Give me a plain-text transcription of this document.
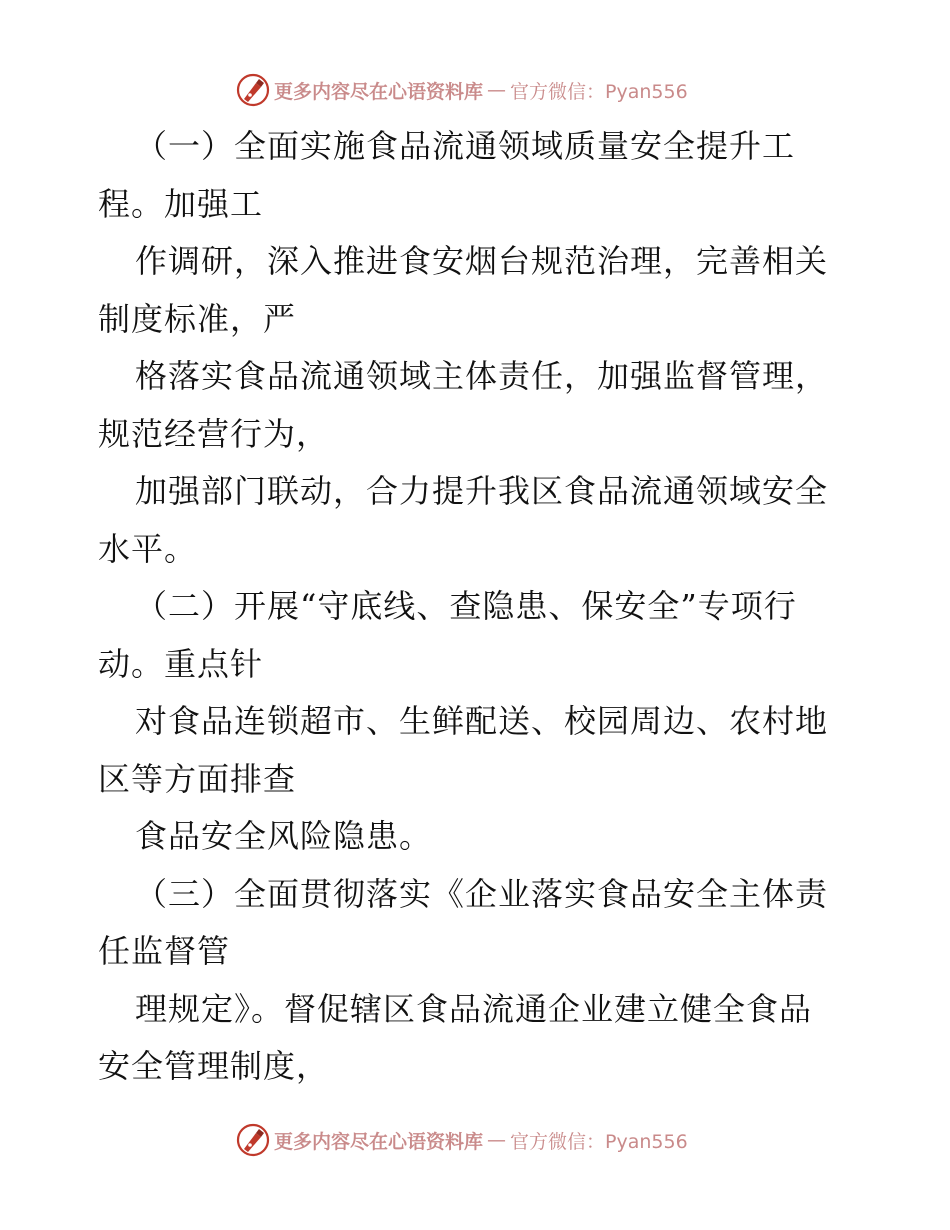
更多内容尽在心语资料库 — 官方微信：Pyan556
（一）全面实施食品流通领域质量安全提升工
程。加强工
作调研，深入推进食安烟台规范治理，完善相关
制度标准，严
格落实食品流通领域主体责任，加强监督管理，
规范经营行为，
加强部门联动，合力提升我区食品流通领域安全
水平。
（二）开展“守底线、查隐患、保安全”专项行
动。重点针
对食品连锁超市、生鲜配送、校园周边、农村地
区等方面排查
食品安全风险隐患。
（三）全面贯彻落实《企业落实食品安全主体责
任监督管
理规定》。督促辖区食品流通企业建立健全食品
安全管理制度，
更多内容尽在心语资料库 — 官方微信：Pyan556
